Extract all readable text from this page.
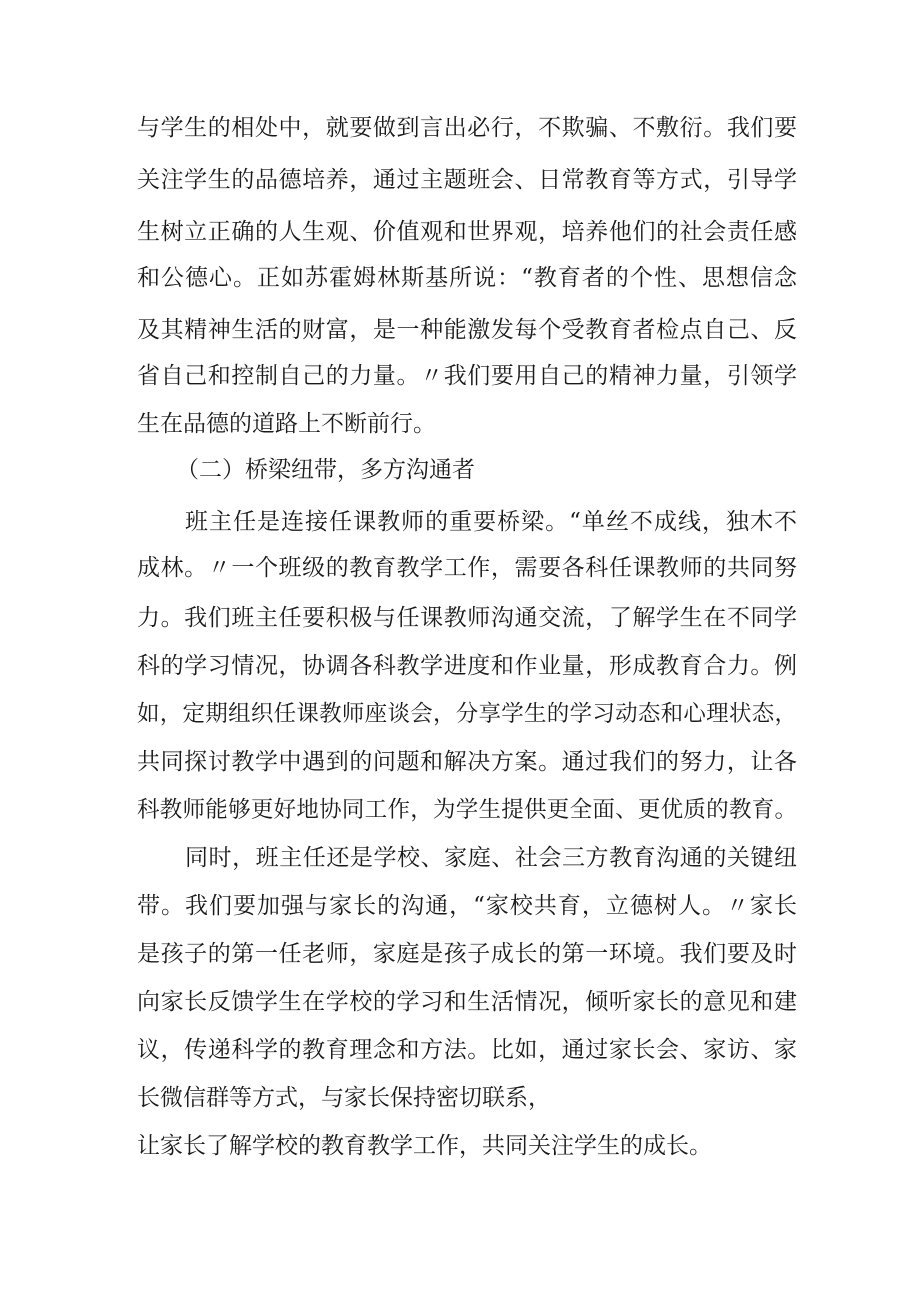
与学生的相处中，就要做到言出必行，不欺骗、不敷衍。我们要
关注学生的品德培养，通过主题班会、日常教育等方式，引导学
生树立正确的人生观、价值观和世界观，培养他们的社会责任感
和公德心。正如苏霍姆林斯基所说：“教育者的个性、思想信念
及其精神生活的财富，是一种能激发每个受教育者检点自己、反
省自己和控制自己的力量。〃我们要用自己的精神力量，引领学
生在品德的道路上不断前行。
（二）桥梁纽带，多方沟通者
班主任是连接任课教师的重要桥梁。“单丝不成线，独木不
成林。〃一个班级的教育教学工作，需要各科任课教师的共同努
力。我们班主任要积极与任课教师沟通交流，了解学生在不同学
科的学习情况，协调各科教学进度和作业量，形成教育合力。例
如，定期组织任课教师座谈会，分享学生的学习动态和心理状态，
共同探讨教学中遇到的问题和解决方案。通过我们的努力，让各
科教师能够更好地协同工作，为学生提供更全面、更优质的教育。
同时，班主任还是学校、家庭、社会三方教育沟通的关键纽
带。我们要加强与家长的沟通，“家校共育，立德树人。〃家长
是孩子的第一任老师，家庭是孩子成长的第一环境。我们要及时
向家长反馈学生在学校的学习和生活情况，倾听家长的意见和建
议，传递科学的教育理念和方法。比如，通过家长会、家访、家
长微信群等方式，与家长保持密切联系，
让家长了解学校的教育教学工作，共同关注学生的成长。
